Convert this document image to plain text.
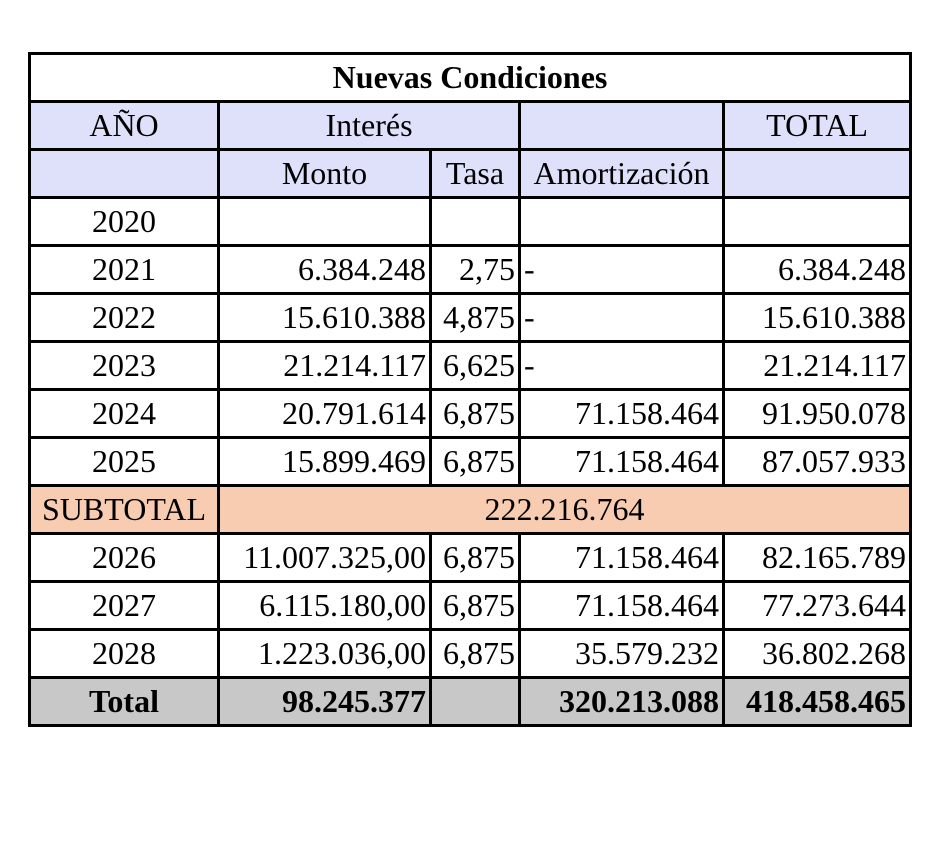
Nuevas Condiciones				
AÑO	Interés			TOTAL
	Monto	Tasa	Amortización	
2020				
2021	6.384.248	2,75	-	6.384.248
2022	15.610.388	4,875	-	15.610.388
2023	21.214.117	6,625	-	21.214.117
2024	20.791.614	6,875	71.158.464	91.950.078
2025	15.899.469	6,875	71.158.464	87.057.933
SUBTOTAL	222.216.764			
2026	11.007.325,00	6,875	71.158.464	82.165.789
2027	6.115.180,00	6,875	71.158.464	77.273.644
2028	1.223.036,00	6,875	35.579.232	36.802.268
Total	98.245.377		320.213.088	418.458.465
